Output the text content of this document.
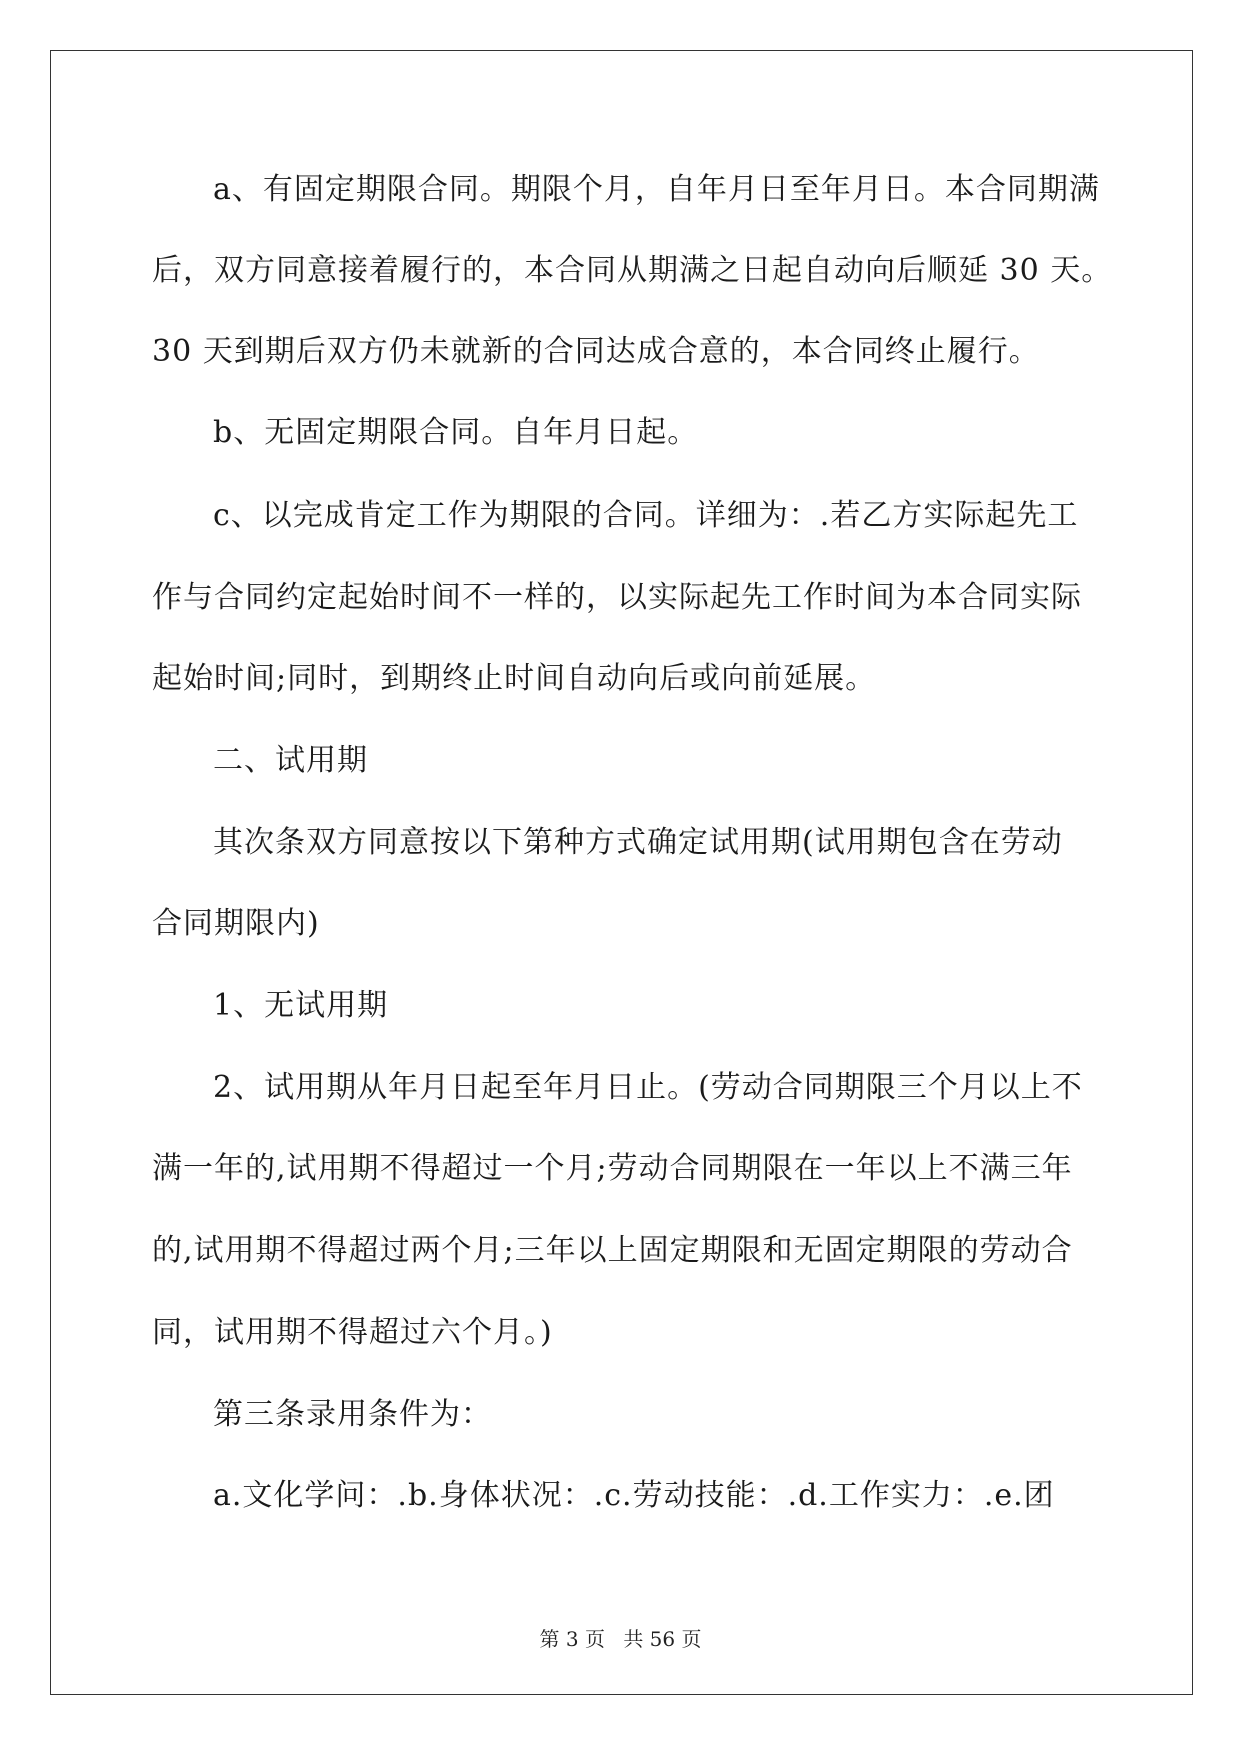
a、有固定期限合同。期限个月，自年月日至年月日。本合同期满
后，双方同意接着履行的，本合同从期满之日起自动向后顺延 30 天。
30 天到期后双方仍未就新的合同达成合意的，本合同终止履行。
b、无固定期限合同。自年月日起。
c、以完成肯定工作为期限的合同。详细为：.若乙方实际起先工
作与合同约定起始时间不一样的，以实际起先工作时间为本合同实际
起始时间;同时，到期终止时间自动向后或向前延展。
二、试用期
其次条双方同意按以下第种方式确定试用期(试用期包含在劳动
合同期限内)
1、无试用期
2、试用期从年月日起至年月日止。(劳动合同期限三个月以上不
满一年的,试用期不得超过一个月;劳动合同期限在一年以上不满三年
的,试用期不得超过两个月;三年以上固定期限和无固定期限的劳动合
同，试用期不得超过六个月。)
第三条录用条件为：
a.文化学问：.b.身体状况：.c.劳动技能：.d.工作实力：.e.团
第 3 页 共 56 页
